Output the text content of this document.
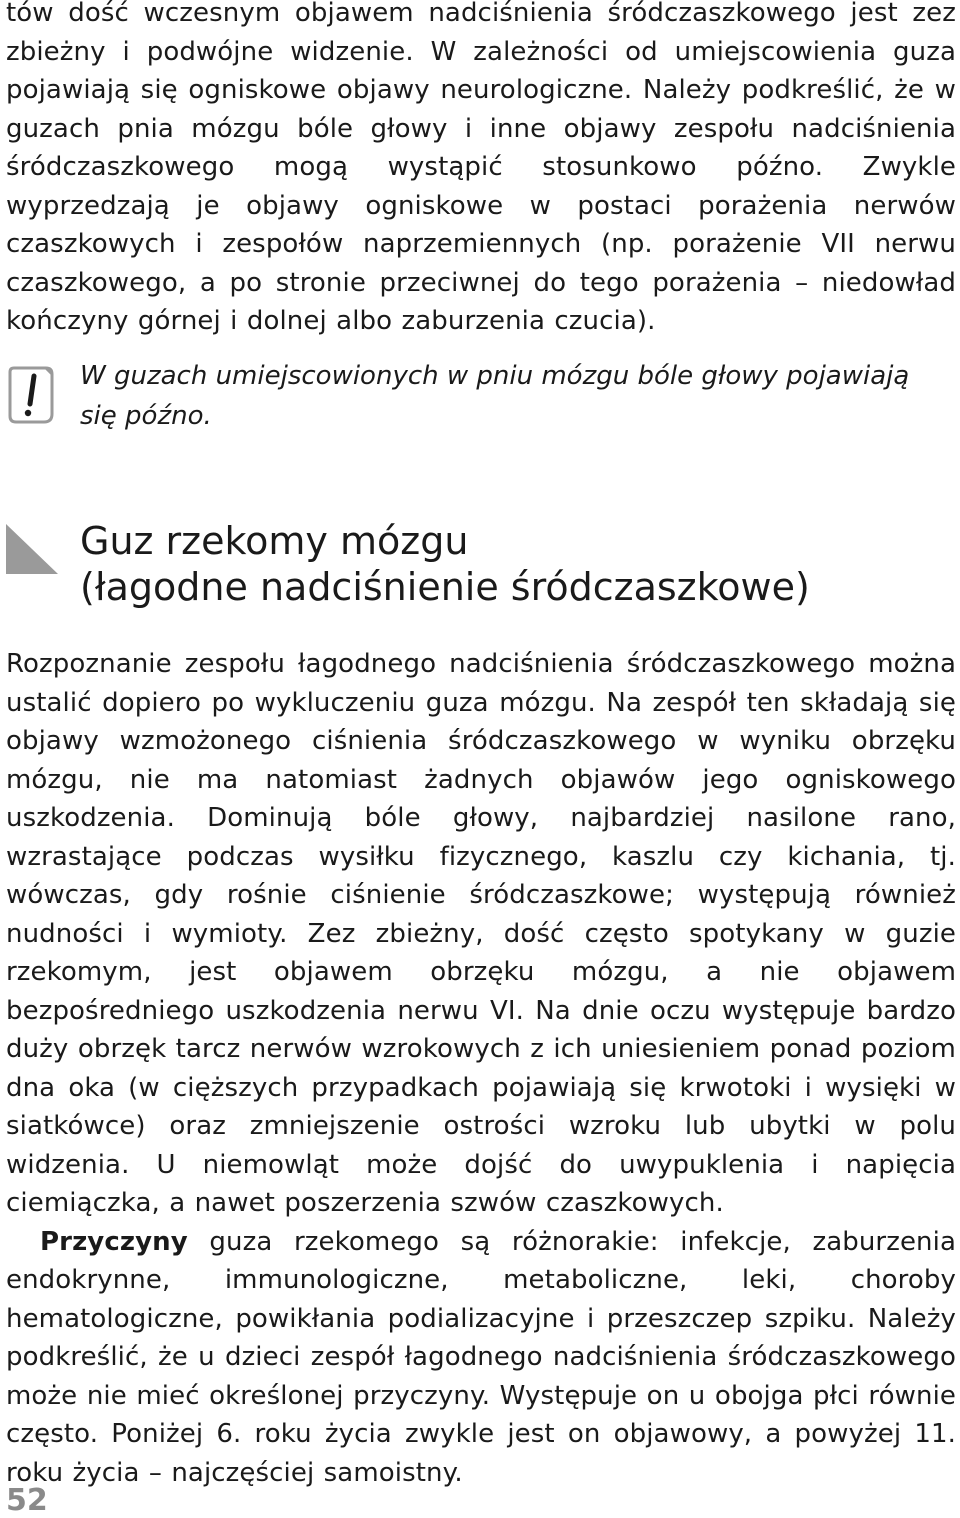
tów dość wczesnym objawem nadciśnienia śródczaszkowego jest zez zbieżny i podwójne widzenie. W zależności od umiejscowienia guza pojawiają się ogniskowe objawy neurologiczne. Należy podkreślić, że w guzach pnia mózgu bóle głowy i inne objawy zespołu nadciśnienia śródczaszkowego mogą wystąpić stosunkowo późno. Zwykle wyprzedzają je objawy ogniskowe w postaci porażenia nerwów czaszkowych i zespołów naprzemiennych (np. porażenie VII nerwu czaszkowego, a po stronie przeciwnej do tego porażenia – niedowład kończyny górnej i dolnej albo zaburzenia czucia).

W guzach umiejscowionych w pniu mózgu bóle głowy pojawiają się późno.

Guz rzekomy mózgu
(łagodne nadciśnienie śródczaszkowe)

Rozpoznanie zespołu łagodnego nadciśnienia śródczaszkowego można ustalić dopiero po wykluczeniu guza mózgu. Na zespół ten składają się objawy wzmożonego ciśnienia śródczaszkowego w wyniku obrzęku mózgu, nie ma natomiast żadnych objawów jego ogniskowego uszkodzenia. Dominują bóle głowy, najbardziej nasilone rano, wzrastające podczas wysiłku fizycznego, kaszlu czy kichania, tj. wówczas, gdy rośnie ciśnienie śródczaszkowe; występują również nudności i wymioty. Zez zbieżny, dość często spotykany w guzie rzekomym, jest objawem obrzęku mózgu, a nie objawem bezpośredniego uszkodzenia nerwu VI. Na dnie oczu występuje bardzo duży obrzęk tarcz nerwów wzrokowych z ich uniesieniem ponad poziom dna oka (w cięższych przypadkach pojawiają się krwotoki i wysięki w siatkówce) oraz zmniejszenie ostrości wzroku lub ubytki w polu widzenia. U niemowląt może dojść do uwypuklenia i napięcia ciemiączka, a nawet poszerzenia szwów czaszkowych.

Przyczyny guza rzekomego są różnorakie: infekcje, zaburzenia endokrynne, immunologiczne, metaboliczne, leki, choroby hematologiczne, powikłania podializacyjne i przeszczep szpiku. Należy podkreślić, że u dzieci zespół łagodnego nadciśnienia śródczaszkowego może nie mieć określonej przyczyny. Występuje on u obojga płci równie często. Poniżej 6. roku życia zwykle jest on objawowy, a powyżej 11. roku życia – najczęściej samoistny.

52
